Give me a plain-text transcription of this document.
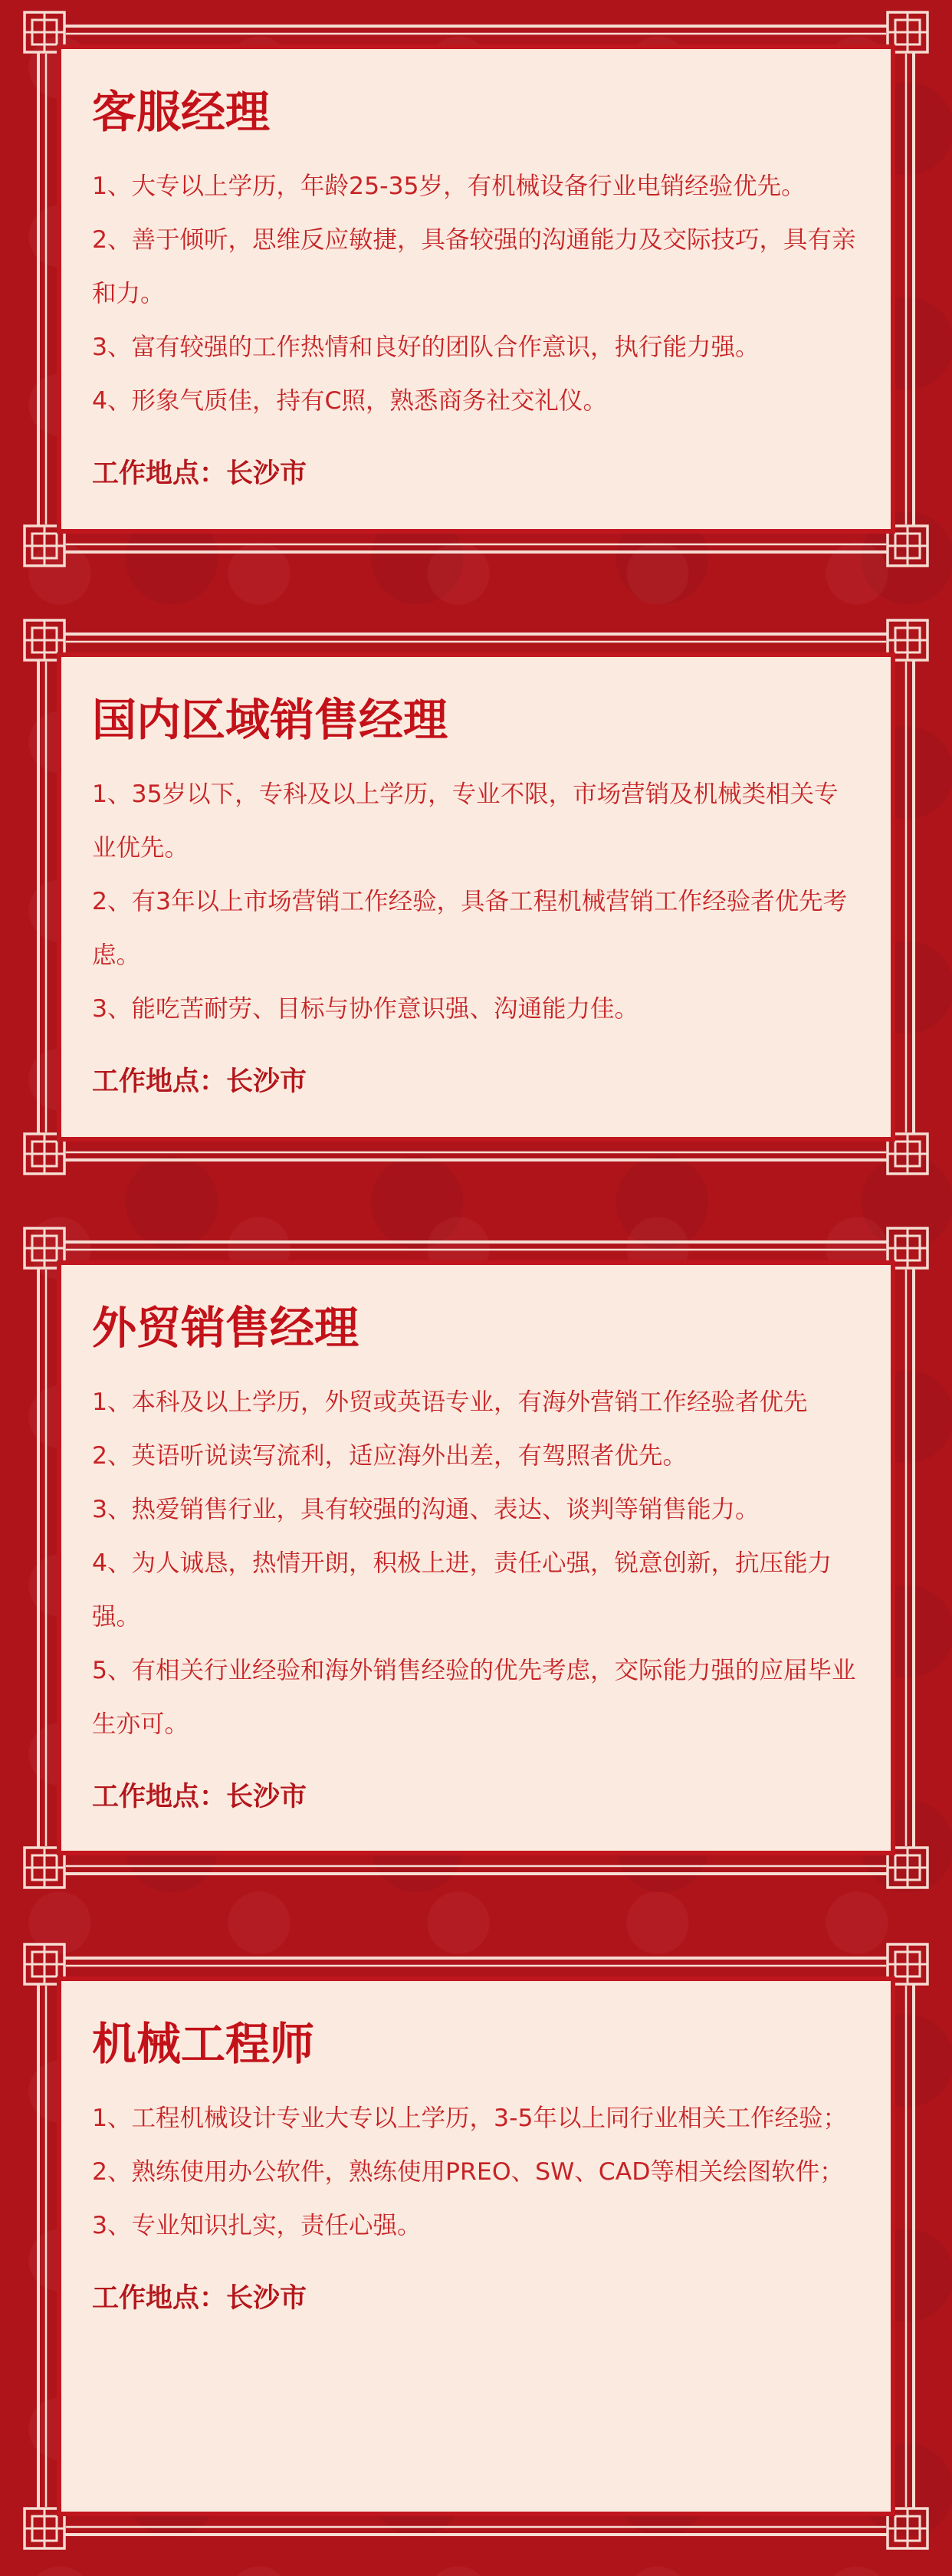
客服经理

1、大专以上学历，年龄25-35岁，有机械设备行业电销经验优先。

2、善于倾听，思维反应敏捷，具备较强的沟通能力及交际技巧，具有亲和力。

3、富有较强的工作热情和良好的团队合作意识，执行能力强。

4、形象气质佳，持有C照，熟悉商务社交礼仪。

工作地点：长沙市
国内区域销售经理

1、35岁以下，专科及以上学历，专业不限，市场营销及机械类相关专业优先。

2、有3年以上市场营销工作经验，具备工程机械营销工作经验者优先考虑。

3、能吃苦耐劳、目标与协作意识强、沟通能力佳。

工作地点：长沙市
外贸销售经理

1、本科及以上学历，外贸或英语专业，有海外营销工作经验者优先

2、英语听说读写流利，适应海外出差，有驾照者优先。

3、热爱销售行业，具有较强的沟通、表达、谈判等销售能力。

4、为人诚恳，热情开朗，积极上进，责任心强，锐意创新，抗压能力强。

5、有相关行业经验和海外销售经验的优先考虑，交际能力强的应届毕业生亦可。

工作地点：长沙市
机械工程师

1、工程机械设计专业大专以上学历，3-5年以上同行业相关工作经验；

2、熟练使用办公软件，熟练使用PREO、SW、CAD等相关绘图软件；

3、专业知识扎实，责任心强。

工作地点：长沙市
